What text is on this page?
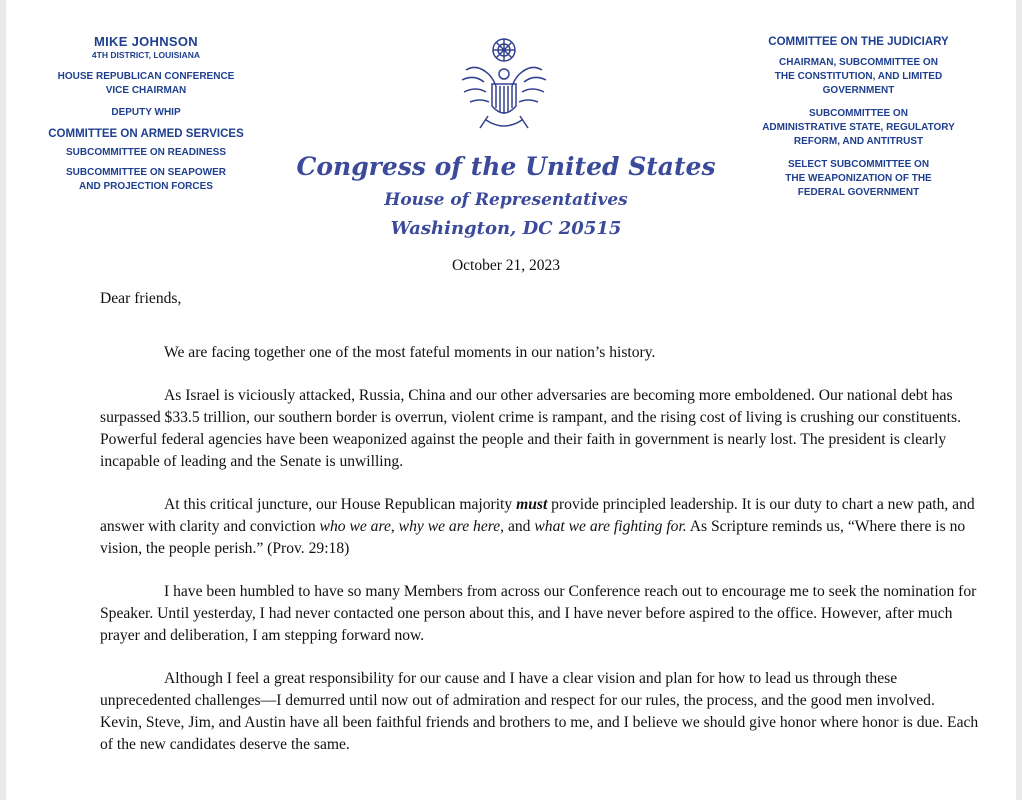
MIKE JOHNSON
4TH DISTRICT, LOUISIANA
HOUSE REPUBLICAN CONFERENCE
VICE CHAIRMAN
DEPUTY WHIP
COMMITTEE ON ARMED SERVICES
SUBCOMMITTEE ON READINESS
SUBCOMMITTEE ON SEAPOWER
AND PROJECTION FORCES
COMMITTEE ON THE JUDICIARY
CHAIRMAN, SUBCOMMITTEE ON
THE CONSTITUTION, AND LIMITED
GOVERNMENT
SUBCOMMITTEE ON
ADMINISTRATIVE STATE, REGULATORY
REFORM, AND ANTITRUST
SELECT SUBCOMMITTEE ON
THE WEAPONIZATION OF THE
FEDERAL GOVERNMENT
Congress of the United States
House of Representatives
Washington, DC 20515
October 21, 2023

Dear friends,

We are facing together one of the most fateful moments in our nation’s history.

As Israel is viciously attacked, Russia, China and our other adversaries are becoming more emboldened. Our national debt has surpassed $33.5 trillion, our southern border is overrun, violent crime is rampant, and the rising cost of living is crushing our constituents. Powerful federal agencies have been weaponized against the people and their faith in government is nearly lost. The president is clearly incapable of leading and the Senate is unwilling.

At this critical juncture, our House Republican majority must provide principled leadership. It is our duty to chart a new path, and answer with clarity and conviction who we are, why we are here, and what we are fighting for. As Scripture reminds us, “Where there is no vision, the people perish.” (Prov. 29:18)

I have been humbled to have so many Members from across our Conference reach out to encourage me to seek the nomination for Speaker. Until yesterday, I had never contacted one person about this, and I have never before aspired to the office. However, after much prayer and deliberation, I am stepping forward now.

Although I feel a great responsibility for our cause and I have a clear vision and plan for how to lead us through these unprecedented challenges—I demurred until now out of admiration and respect for our rules, the process, and the good men involved. Kevin, Steve, Jim, and Austin have all been faithful friends and brothers to me, and I believe we should give honor where honor is due. Each of the new candidates deserve the same.
